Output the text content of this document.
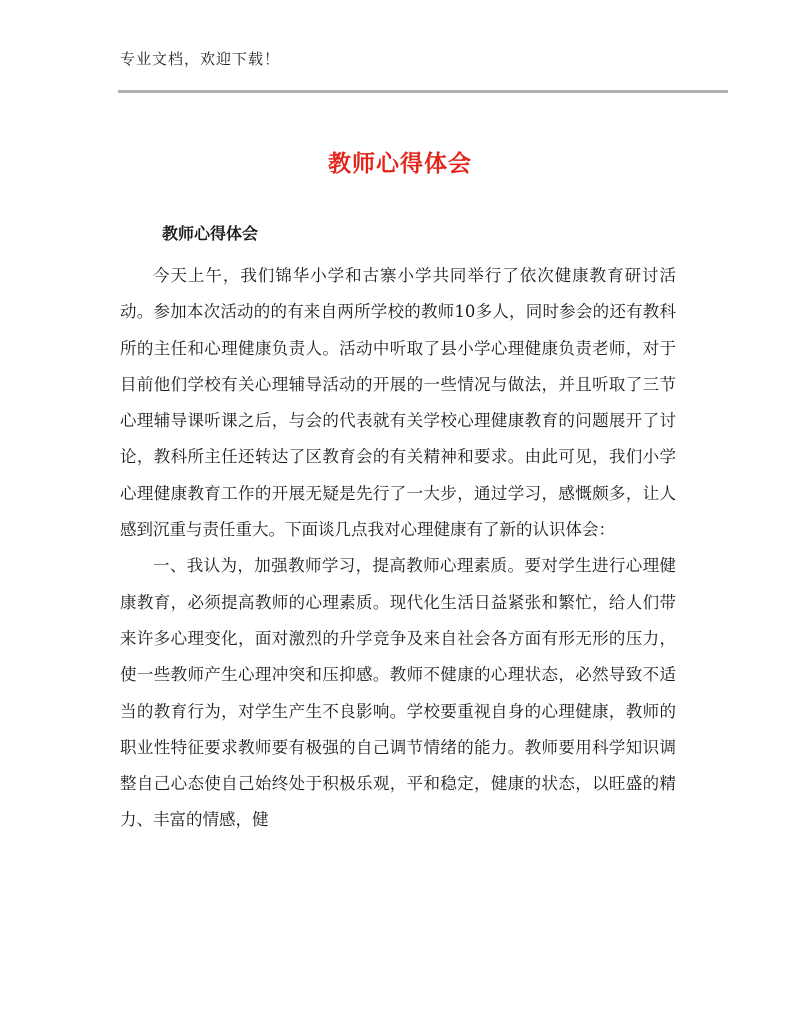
专业文档，欢迎下载！
教师心得体会
教师心得体会

今天上午，我们锦华小学和古寨小学共同举行了依次健康教育研讨活动。参加本次活动的的有来自两所学校的教师10多人，同时参会的还有教科所的主任和心理健康负责人。活动中听取了县小学心理健康负责老师，对于目前他们学校有关心理辅导活动的开展的一些情况与做法，并且听取了三节心理辅导课听课之后，与会的代表就有关学校心理健康教育的问题展开了讨论，教科所主任还转达了区教育会的有关精神和要求。由此可见，我们小学心理健康教育工作的开展无疑是先行了一大步，通过学习，感慨颇多，让人感到沉重与责任重大。下面谈几点我对心理健康有了新的认识体会：

一、我认为，加强教师学习，提高教师心理素质。要对学生进行心理健康教育，必须提高教师的心理素质。现代化生活日益紧张和繁忙，给人们带来许多心理变化，面对激烈的升学竞争及来自社会各方面有形无形的压力，使一些教师产生心理冲突和压抑感。教师不健康的心理状态，必然导致不适当的教育行为，对学生产生不良影响。学校要重视自身的心理健康，教师的职业性特征要求教师要有极强的自己调节情绪的能力。教师要用科学知识调整自己心态使自己始终处于积极乐观，平和稳定，健康的状态，以旺盛的精力、丰富的情感，健
